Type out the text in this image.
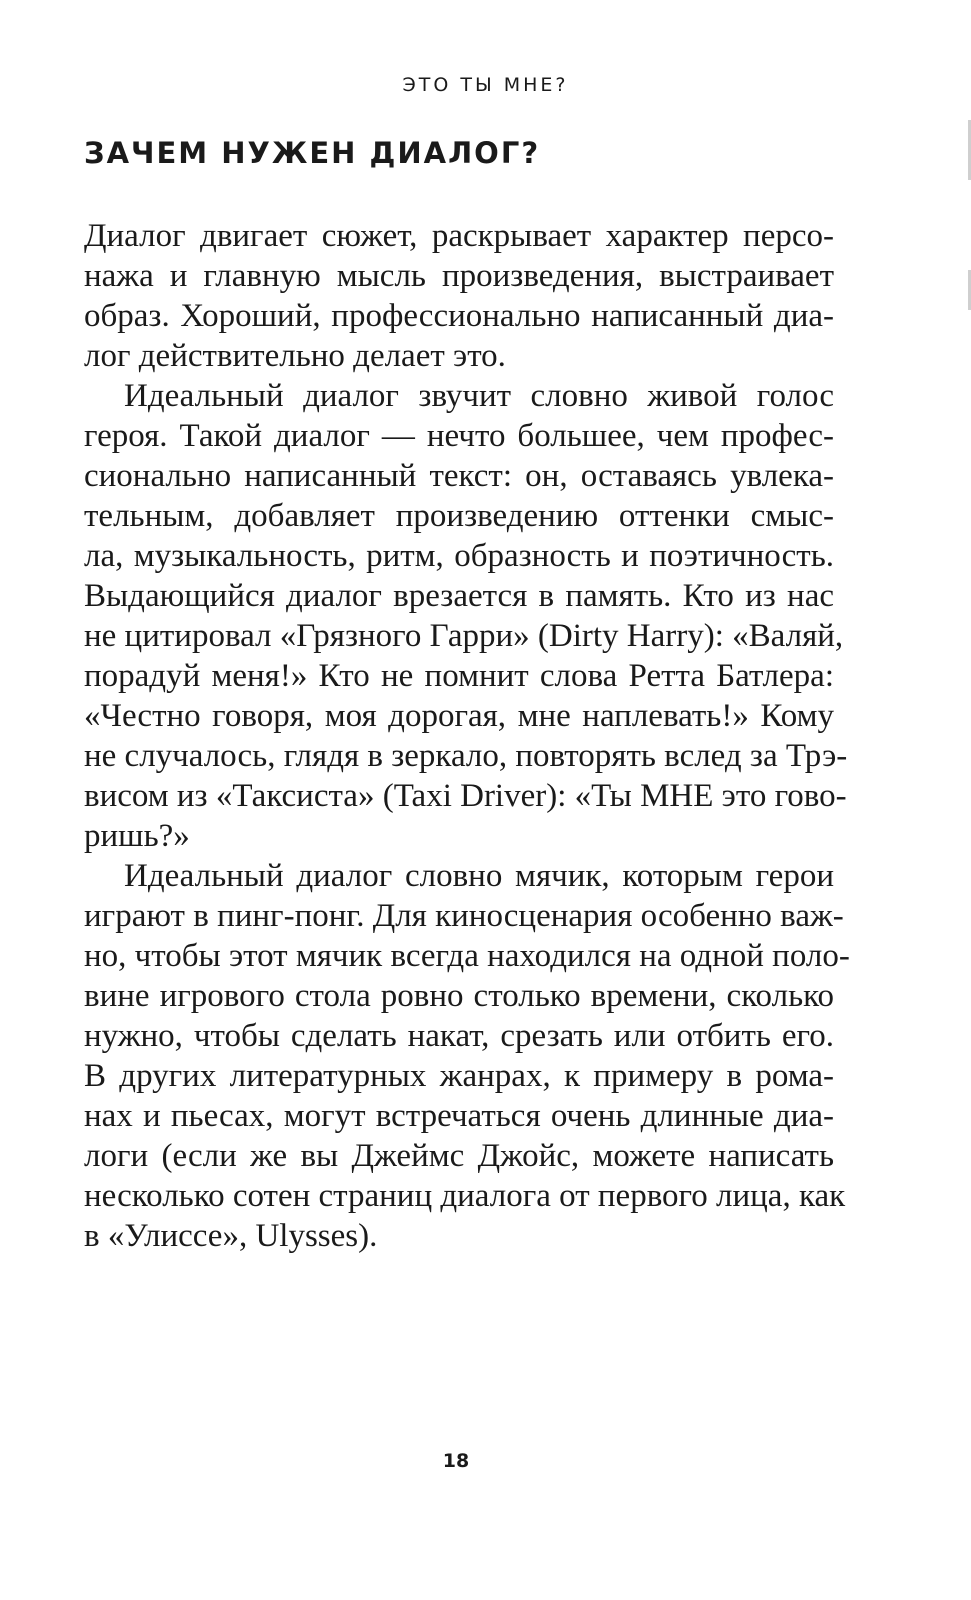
ЭТО ТЫ МНЕ?
ЗАЧЕМ НУЖЕН ДИАЛОГ?
Диалог двигает сюжет, раскрывает характер персо-
нажа и главную мысль произведения, выстраивает
образ. Хороший, профессионально написанный диа-
лог действительно делает это.
Идеальный диалог звучит словно живой голос
героя. Такой диалог — нечто большее, чем профес-
сионально написанный текст: он, оставаясь увлека-
тельным, добавляет произведению оттенки смыс-
ла, музыкальность, ритм, образность и поэтичность.
Выдающийся диалог врезается в память. Кто из нас
не цитировал «Грязного Гарри» (Dirty Harry): «Валяй,
порадуй меня!» Кто не помнит слова Ретта Батлера:
«Честно говоря, моя дорогая, мне наплевать!» Кому
не случалось, глядя в зеркало, повторять вслед за Трэ-
висом из «Таксиста» (Taxi Driver): «Ты МНЕ это гово-
ришь?»
Идеальный диалог словно мячик, которым герои
играют в пинг-понг. Для киносценария особенно важ-
но, чтобы этот мячик всегда находился на одной поло-
вине игрового стола ровно столько времени, сколько
нужно, чтобы сделать накат, срезать или отбить его.
В других литературных жанрах, к примеру в рома-
нах и пьесах, могут встречаться очень длинные диа-
логи (если же вы Джеймс Джойс, можете написать
несколько сотен страниц диалога от первого лица, как
в «Улиссе», Ulysses).
18
